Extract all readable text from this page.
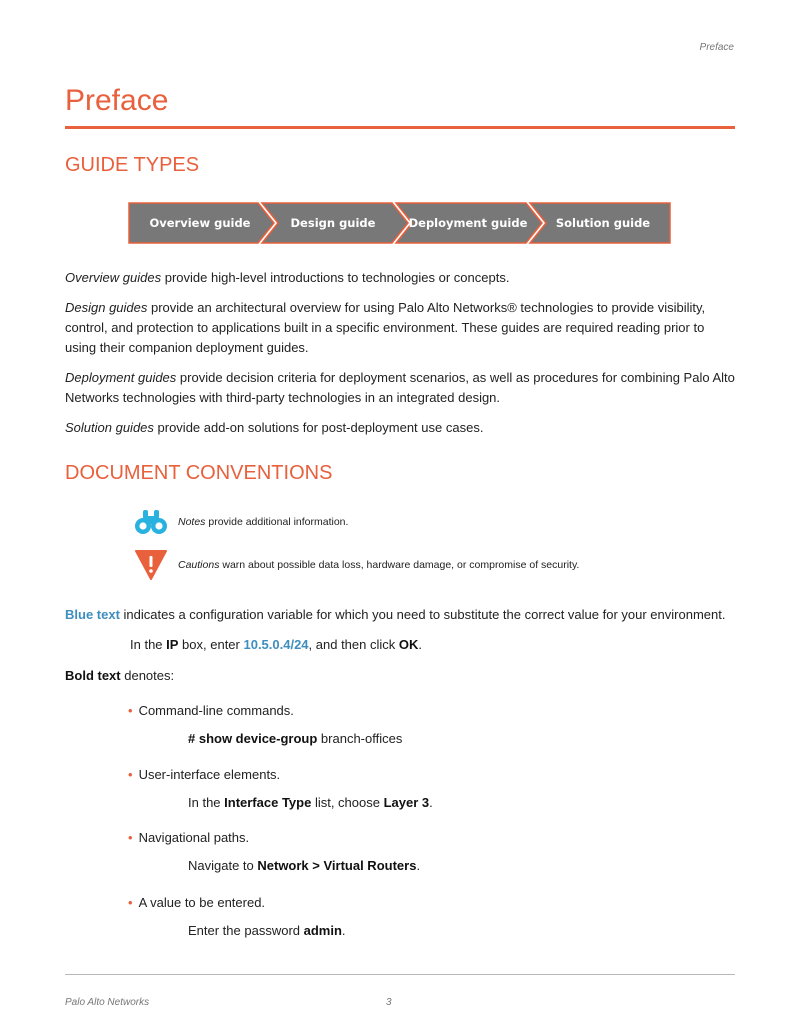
Preface
Preface
GUIDE TYPES
Overview guide	Design guide	Deployment guide Solution guide

Overview guides provide high-level introductions to technologies or concepts.

Design guides provide an architectural overview for using Palo Alto Networks® technologies to provide visibility, control, and protection to applications built in a specific environment. These guides are required reading prior to using their companion deployment guides.

Deployment guides provide decision criteria for deployment scenarios, as well as procedures for combining Palo Alto Networks technologies with third-party technologies in an integrated design.

Solution guides provide add-on solutions for post-deployment use cases.

DOCUMENT CONVENTIONS
Notes provide additional information.
Cautions warn about possible data loss, hardware damage, or compromise of security.

Blue text indicates a configuration variable for which you need to substitute the correct value for your environment.

In the IP box, enter 10.5.0.4/24, and then click OK.
Bold text denotes:
• Command-line commands.
# show device-group branch-offices
• User-interface elements.
In the Interface Type list, choose Layer 3.
• Navigational paths.
Navigate to Network > Virtual Routers.
• A value to be entered.
Enter the password admin.
Palo Alto Networks	3
